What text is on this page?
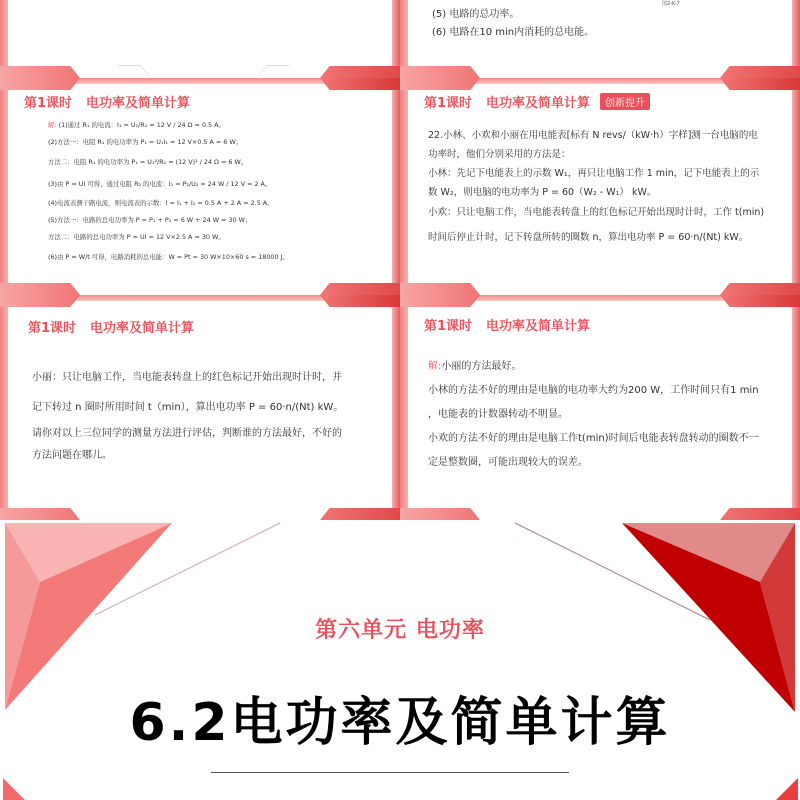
图2-K-7
(5) 电路的总功率。
(6) 电路在10 min内消耗的总电能。
第1课时 电功率及简单计算
解: (1)通过 R₁ 的电流：I₁ = U₁/R₁ = 12 V / 24 Ω = 0.5 A。
(2)方法一：电阻 R₁ 的电功率为 P₁ = U₁I₁ = 12 V×0.5 A = 6 W；
方法二：电阻 R₁ 的电功率为 P₁ = U₁²/R₁ = (12 V)² / 24 Ω = 6 W。
(3)由 P = UI 可得，通过电阻 R₂ 的电流：I₂ = P₂/U₂ = 24 W / 12 V = 2 A。
(4)电流表测干路电流，则电流表的示数：I = I₁ + I₂ = 0.5 A + 2 A = 2.5 A。
(5)方法一：电路的总电功率为 P = P₁ + P₂ = 6 W + 24 W = 30 W；
方法二：电路的总电功率为 P = UI = 12 V×2.5 A = 30 W。
(6)由 P = W/t 可得，电路消耗的总电能：W = Pt = 30 W×10×60 s = 18000 J。
第1课时 电功率及简单计算 创新提升
22.小林、小欢和小丽在用电能表[标有 N revs/（kW·h）字样]测一台电脑的电
功率时，他们分别采用的方法是：
小林：先记下电能表上的示数 W₁，再只让电脑工作 1 min，记下电能表上的示
数 W₂，则电脑的电功率为 P = 60（W₂ - W₁） kW。
小欢：只让电脑工作，当电能表转盘上的红色标记开始出现时计时，工作 t(min)
时间后停止计时，记下转盘所转的圈数 n，算出电功率 P = 60·n/(Nt) kW。
第1课时 电功率及简单计算
小丽：只让电脑工作，当电能表转盘上的红色标记开始出现时计时，并
记下转过 n 圈时所用时间 t（min），算出电功率 P = 60·n/(Nt) kW。
请你对以上三位同学的测量方法进行评估，判断谁的方法最好，不好的
方法问题在哪儿。
第1课时 电功率及简单计算
解:小丽的方法最好。
小林的方法不好的理由是电脑的电功率大约为200 W，工作时间只有1 min
，电能表的计数器转动不明显。
小欢的方法不好的理由是电脑工作t(min)时间后电能表转盘转动的圈数不一
定是整数圈，可能出现较大的误差。
第六单元 电功率
6.2电功率及简单计算
